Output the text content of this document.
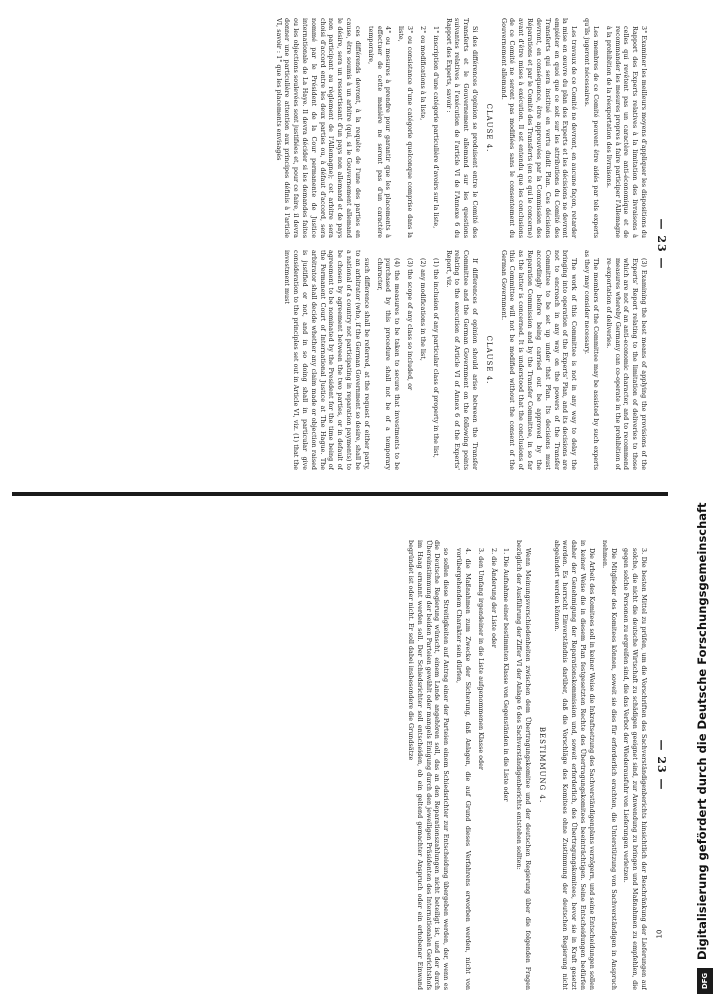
— 23 —

3° Examiner les meilleurs moyens d'appliquer les dispositions du Rapport des Experts relatives à la limitation des livraisons à celles qui revêtent pas un caractère anti-économique et de recommander les mesures propres à faire participer l'Allemagne à la prohibition de la réexportation des livraisons.

Les membres de ce Comité peuvent être aidés par tels experts qu'ils jugeront nécessaires.

Les travaux de ce Comité ne devront, en aucune façon, retarder la mise en œuvre du plan des Experts et les décisions ne devront empiéter en quoi que ce soit sur les attributions du Comité des Transferts qui sera institué en vertu dudit Plan. Ces décisions devront, en conséquence, être approuvées par la Commission des Réparations et par le Comité des Transferts (en ce qui le concerne) avant d'être mises à exécution. Il est entendu que les conclusions de ce Comité ne seront pas modifiées sans le consentement du Gouvernement allemand.

CLAUSE 4.

Si des différences d'opinion se produisent entre le Comité des Transferts et le Gouvernement allemand sur les questions suivantes relatives à l'exécution de l'article VI de l'Annexe 6 du Rapport des Experts, savoir :

1° inscription d'une catégorie particulière d'avoirs sur la liste,

2° ou modifications à la liste,

3° ou consistance d'une catégorie quelconque comprise dans la liste,

4° ou mesures à prendre pour garantir que les placements à effectuer de cette manière ne seront pas d'un caractère temporaire,

ces différends devront, à la requête de l'une des parties en cause, être soumis à un arbitre (qui, si le Gouvernement allemand le désire, sera un ressortissant d'un pays non allemand et de pays non participant au règlement de l'Allemagne); cet arbitre sera choisi d'accord entre les deux parties ou, à défaut d'accord, sera nommé par le Président de la Cour permanente de Justice internationale de La Haye. Il devra décider si les demandes faites ou les objections soulevées sont justifiées et, pour ce faire, il devra donner une particulière attention aux principes définis à l'article VI, savoir : 1° que les placements envisagés

(3) Examining the best means of applying the provisions of the Experts' Report relating to the limitation of deliveries to those which are not of an anti-economic character, and to recommend measures whereby Germany can co-operate in the prohibition of re-exportation of deliveries.

The members of the Committee may be assisted by such experts as they may consider necessary.

The work of this Committee is not in any way to delay the bringing into operation of the Experts' Plan, and its decisions are not to encroach in any way on the powers of the Transfer Committee to be set up under that Plan. Its decisions must accordingly before being carried out be approved by the Reparation Commission and by the Transfer Committee, in so far as the latter is concerned. It is understood that the conclusions of this Committee will not be modified without the consent of the German Government.

CLAUSE 4.

If differences of opinion should arise between the Transfer Committee and the German Government on the following points relating to the execution of Article VI of Annex 6 of the Experts' Report, viz.

(1) the inclusion of any particular class of property in the list,

(2) any modifications in the list,

(3) the scope of any class so included, or

(4) the measures to be taken to secure that investments to be purchased by this procedure shall not be of a temporary character,

such difference shall be referred, at the request of either party, to an arbitrator (who, if the German Government so desire, shall be a national of a country not participating in reparation payments) to be chosen by agreement between the two parties, or in default of agreement to be nominated by the President for the time being of the Permanent Court of International Justice at The Hague. The arbitrator shall decide whether any claim made or objection raised is justified or not, and in so doing shall in particular give consideration to the principles set out in Article VI, viz. (1) that the investment must

— 23 —

3. Die besten Mittel zu prüfen, um die Vorschriften des Sachverständigenberichts hinsichtlich der Beschränkung der Lieferungen auf solche, die nicht die deutsche Wirtschaft zu schädigen geeignet sind, zur Anwendung zu bringen und Maßnahmen zu empfehlen, die gegen solche Personen zu ergreifen sind, die das Verbot der Wiederausfuhr von Lieferungen verletzen.

Die Mitglieder des Komitees können, soweit sie dies für erforderlich erachten, die Unterstützung von Sachverständigen in Anspruch nehmen.

Die Arbeit des Komitees soll in keiner Weise die Inkraftsetzung des Sachverständigenplans verzögern, und seine Entscheidungen sollen in keiner Weise die in diesem Plan festgesetzten Rechte des Übertragungskomitees beeinträchtigen. Seine Entscheidungen bedürfen daher der Genehmigung der Reparationskommission und, soweit erforderlich, des Übertragungskomitees, bevor sie in Kraft gesetzt werden. Es herrscht Einverständnis darüber, daß die Vorschläge des Komitees ohne Zustimmung der deutschen Regierung nicht abgeändert werden können.

BESTIMMUNG 4.

Wenn Meinungsverschiedenheiten zwischen dem Übertragungskomitee und der deutschen Regierung über die folgenden Fragen bezüglich der Ausführung der Ziffer VI der Anlage 6 des Sachverständigenberichts entstehen sollten:

1. Die Aufnahme einer bestimmten Klasse von Gegenständen in die Liste oder

2. die Änderung der Liste oder

3. den Umfang irgendeiner in die Liste aufgenommenen Klasse oder

4. die Maßnahmen zum Zwecke der Sicherung, daß Anlagen, die auf Grund dieses Verfahrens erworben werden, nicht von vorübergehendem Charakter sein dürfen,

so sollen diese Streitigkeiten auf Antrag einer der Parteien einem Schiedsrichter zur Entscheidung übergeben werden, der, wenn es die Deutsche Regierung wünscht, einem Lande angehören soll, das an den Reparationszahlungen nicht beteiligt ist, und der durch Übereinstimmung der beiden Parteien gewählt oder mangels Einigung durch den jeweiligen Präsidenten des Internationalen Gerichtshofs im Haag ernannt werden soll. Der Schiedsrichter soll entscheiden, ob ein geltend gemachter Anspruch oder ein erhobener Einwand begründet ist oder nicht. Er soll dabei insbesondere die Grundsätze

10	Digitalisierung gefördert durch die Deutsche Forschungsgemeinschaft
DFG
